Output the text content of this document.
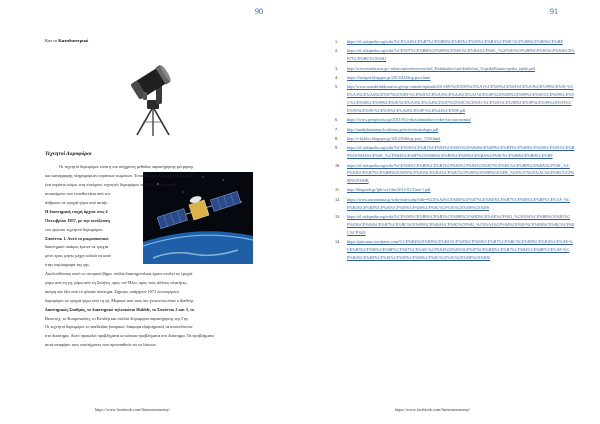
90
Και το Καταδιοπτρικό
Τεχνητοί Δορυφόροι
Οι τεχνητοί δορυφόροι είναι η πιο σύγχρονη μέθοδος παρατήρησης-μέτρησης
και καταγραφής πληροφοριών ουράνιων σωμάτων. Τοποθετείται σε τροχιά γύρω από
ένα ουράνιο σώμα, στη συνέχεια, τεχνητός δορυφόρος της Γης λέγεται κάθε
αντικείμενο που τοποθετείται από τον
άνθρωπο σε τροχιά γύρω από αυτήν.
Η διαστημική εποχή άρχισε στις 4
Οκτωβρίου 1957, με την εκτόξευση
του πρώτου τεχνητού δορυφόρου
Σπούτνικ 1. Αυτό το μικροσκοπικό
διαστημικό σκάφος έμεινε σε τροχιά
μόνο τρεις μήνες μέχρι τελικά να κατέ
στην ατμόσφαιρα της γης.
Ακολουθώντας αυτό το ιστορικό βήμα, πολλά διαστημόπλοια έχουν σταλεί σε τροχιά
γύρω από τη γη, γύρω από τη Σελήνη, προς τον Ήλιο, προς τους άλλους πλανήτες,
ακόμη και έξω από το ηλιακό σύστημα. Σήμερα, υπάρχουν 1071 λειτουργικοί
δορυφόροι σε τροχιά γύρω από τη γη. Μερικοί από τους πιο γνωστούς είναι ο Διεθνής
Διαστημικός Σταθμός, το διαστημικό τηλεσκόπιο Hubble, το Σπούτνικ 2 και 3, το
Βουστόχ, το Κοσμοναύτη, το Κεπλέρ και πολλοί δορυφόροι παρατήρησης της Γης.
Οι τεχνητοί δορυφόροι το απέδειξαν (καιρικοί, διάφορα εξαρτήματα) τα αποτελέσουν
στο διάστημα. Αυτό προκαλεί προβλήματα σε κάποια προβλήματα στο διάστημα. Τα προβλήματα
αυτά αναφέρει τους επιστήμονες που προσπαθούν να τα λύσουν.
https://www.facebook.com/Aniseastronomy/
91
1.	https://el.wikipedia.org/wiki/%CE%A4%CE%B7%CE%BB%CE%B5%CF%83%CE%BA%CF%8C%CF%80%CE%B9%CE%BF
2.	https://el.wikipedia.org/wiki/%CE%97%CE%BB%CE%B9%CE%B1%CE%BA%CF%8C_%CF%83%CF%8D%CF%83%CF%84%CE%B7%CE%BC%CE%B1
3.	http://www.media.uoa.gr/~nikaroun/webversion/stal_Didaskaliax/stat-diakb/stat_3/optiki/Kataio-optiko_optiki.pdf
4.	https://isteigen.blogspot.gr/2013/02/blog-post.html
5.	http://www.wonderfuldisastros.gr/wp-content/uploads/2013/09/%CE%95%CE%A1%CE%93%CE%91%CE%A3%CE%99%CE%91-%CE%A3%CE%A4%CE%97%CE%9D-%CE%91%CE%A3%CE%A4%CE%A1%CE%9F%CE%9D%CE%9F%CE%9C%CE%99%CE%91-%CE%94%CE%99%CE%91%CE%A3%CE%A4%CE%97%CE%9C%CE%91-%CE%91%CE%9D%CE%9F%CE%99%CE%93%CE%95%CE%99-%CE%91%CE%A0%CE%9F-%CE%A4%CE%9F.pdf
6.	https://www.pentptosixa.gr/2011/03/o-diaschmonikos-rokes-tis-astronomia/
7.	http://amikybatanmach.caltrans.gr/users/stranologia.pdf
8.	http://c-kyklos.blogspot.gr/2012/03/blog-post_7256.html
9.	https://el.wikipedia.org/wiki/%CE%9A%CE%B1%CF%84%CE%B1%CE%B4%CE%B9%CE%BF%CF%80%CF%84%CF%81%CE%B9%CE%BA%CF%8C_%CF%84%CE%B7%CE%BB%CE%B5%CF%83%CE%BA%CF%8C%CF%80%CE%B9%CE%BF
10.	https://el.wikipedia.org/wiki/%CE%94%CE%B9%CE%B1%CF%83%CF%84%CE%B7%CE%BC%CE%B9%CE%BA%CF%8C_%CF%84%CE%B7%CE%BB%CE%B5%CF%83%CE%BA%CF%8C%CF%80%CE%B9%CE%BF_%CE%A7%CE%AC%CE%BC%CF%80%CE%BB
11.	http://blogsseh.gr/lpk-sci-files/2014-01/Time-1.pdf
12.	https://www.astronomia.gr/wiki-index.php?title=%CE%A4%CE%B5%CF%87%CE%BD%CE%B7%CF%84%CE%BF%CE%AF_%CE%B4%CE%BF%CF%81%CF%85%CF%86%CF%8C%CF%81%CE%BF%CE%B9
13.	https://el.wikipedia.org/wiki/%CE%94%CE%B9%CE%B5%CE%B8%CE%BD%CE%AE%CF%82_%CE%94%CE%B9%CE%B1%CF%83%CF%84%CE%B7%CE%BC%CE%B9%CE%BA%CF%8C%CF%82_%CE%A3%CF%84%CE%B1%CE%B8%CE%BC%CF%8C%CF%82
14.	https://patronas.wordpress.com/%CE%B4%CE%B9%CE%B1%CF%83%CF%84%CE%B7%CE%BC%CE%B9%CE%BA%CE%AE-%CE%B5%CF%80%CE%BF%CF%87%CE%AE-%CF%84%CE%B5%CF%87%CE%BD%CE%B7%CF%84%CE%BF%CE%AF-%CE%B4%CE%BF%CF%81%CF%85%CF%86%CF%8C%CF%81%CE%BF%CE%B9/
https://www.facebook.com/Aniseastronomy/
